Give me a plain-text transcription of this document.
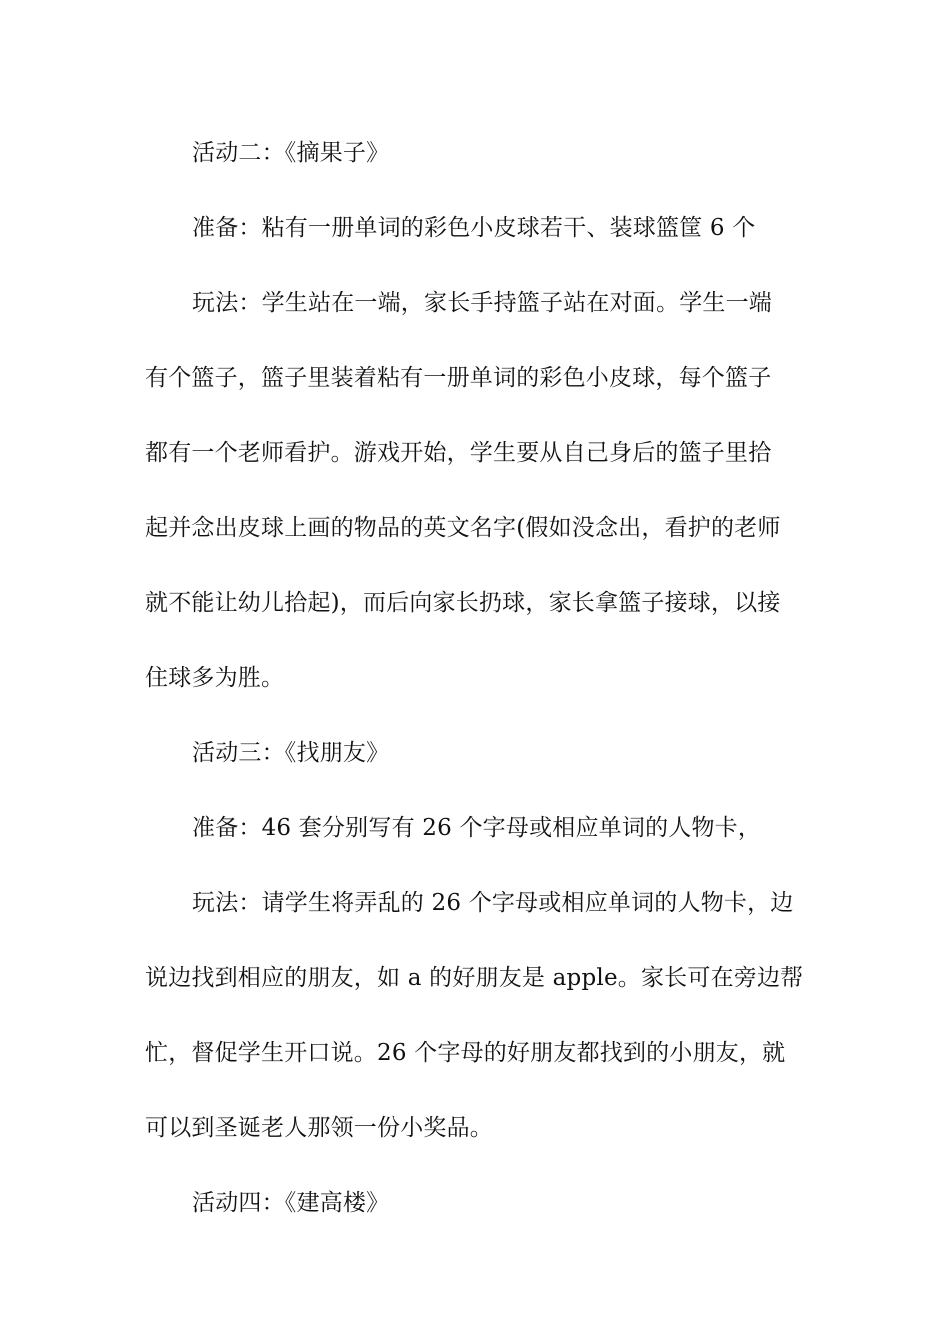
活动二：《摘果子》
准备：粘有一册单词的彩色小皮球若干、装球篮筐 6 个
玩法：学生站在一端，家长手持篮子站在对面。学生一端
有个篮子，篮子里装着粘有一册单词的彩色小皮球，每个篮子
都有一个老师看护。游戏开始，学生要从自己身后的篮子里拾
起并念出皮球上画的物品的英文名字(假如没念出，看护的老师
就不能让幼儿拾起)，而后向家长扔球，家长拿篮子接球，以接
住球多为胜。
活动三：《找朋友》
准备：46 套分别写有 26 个字母或相应单词的人物卡，
玩法：请学生将弄乱的 26 个字母或相应单词的人物卡，边
说边找到相应的朋友，如 a 的好朋友是 apple。家长可在旁边帮
忙，督促学生开口说。26 个字母的好朋友都找到的小朋友，就
可以到圣诞老人那领一份小奖品。
活动四：《建高楼》
